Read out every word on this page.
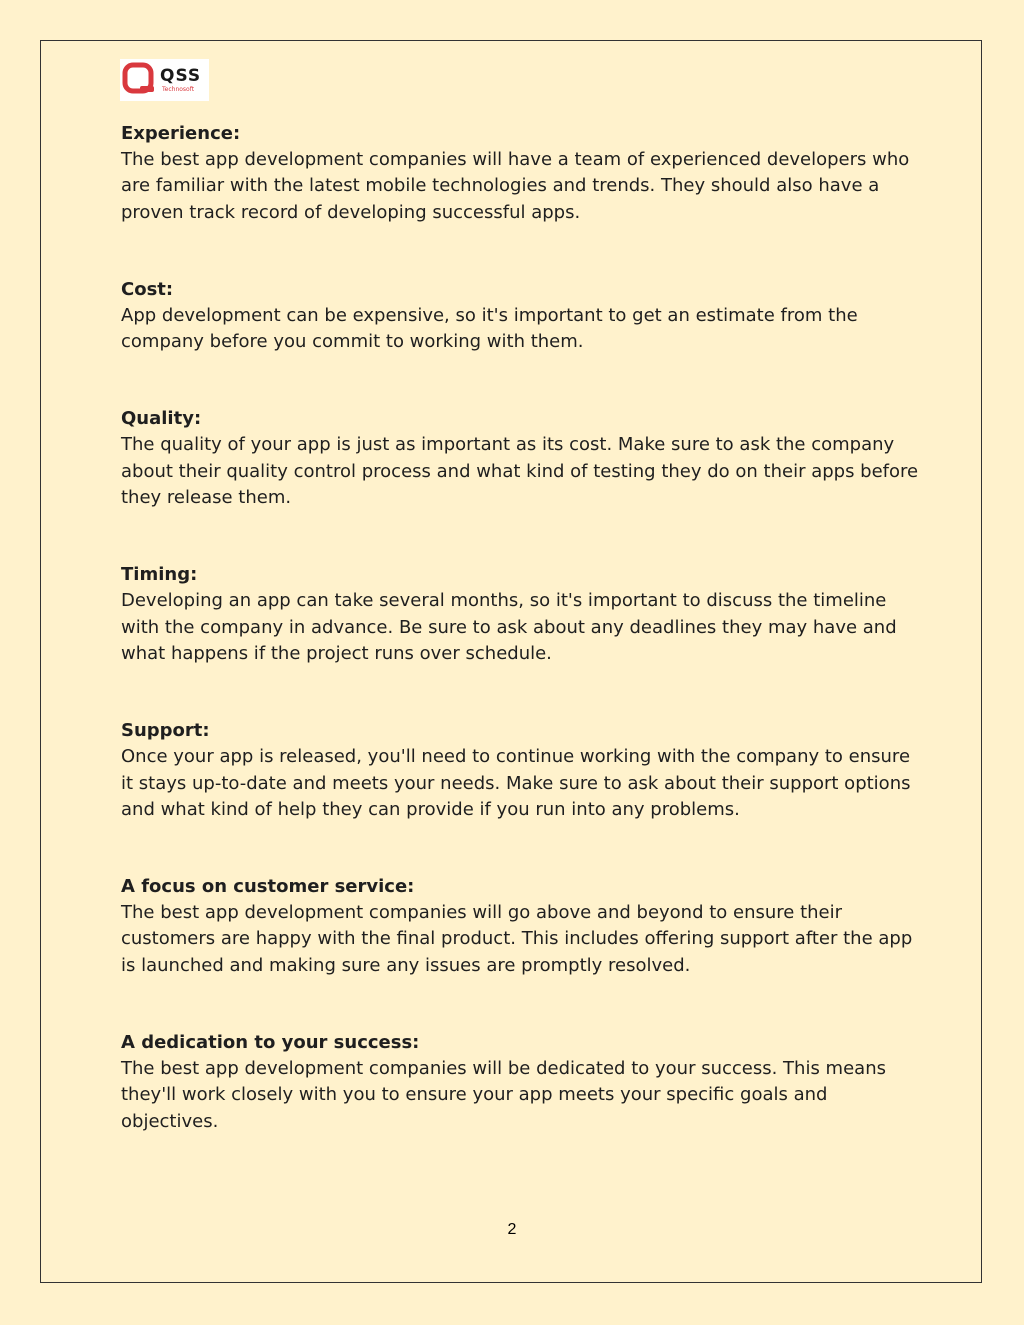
QSS
Technosoft

Experience:

The best app development companies will have a team of experienced developers who are familiar with the latest mobile technologies and trends. They should also have a proven track record of developing successful apps.

Cost:

App development can be expensive, so it's important to get an estimate from the company before you commit to working with them.

Quality:

The quality of your app is just as important as its cost. Make sure to ask the company about their quality control process and what kind of testing they do on their apps before they release them.

Timing:

Developing an app can take several months, so it's important to discuss the timeline with the company in advance. Be sure to ask about any deadlines they may have and what happens if the project runs over schedule.

Support:

Once your app is released, you'll need to continue working with the company to ensure it stays up-to-date and meets your needs. Make sure to ask about their support options and what kind of help they can provide if you run into any problems.

A focus on customer service:

The best app development companies will go above and beyond to ensure their customers are happy with the final product. This includes offering support after the app is launched and making sure any issues are promptly resolved.

A dedication to your success:

The best app development companies will be dedicated to your success. This means they'll work closely with you to ensure your app meets your specific goals and objectives.

2
